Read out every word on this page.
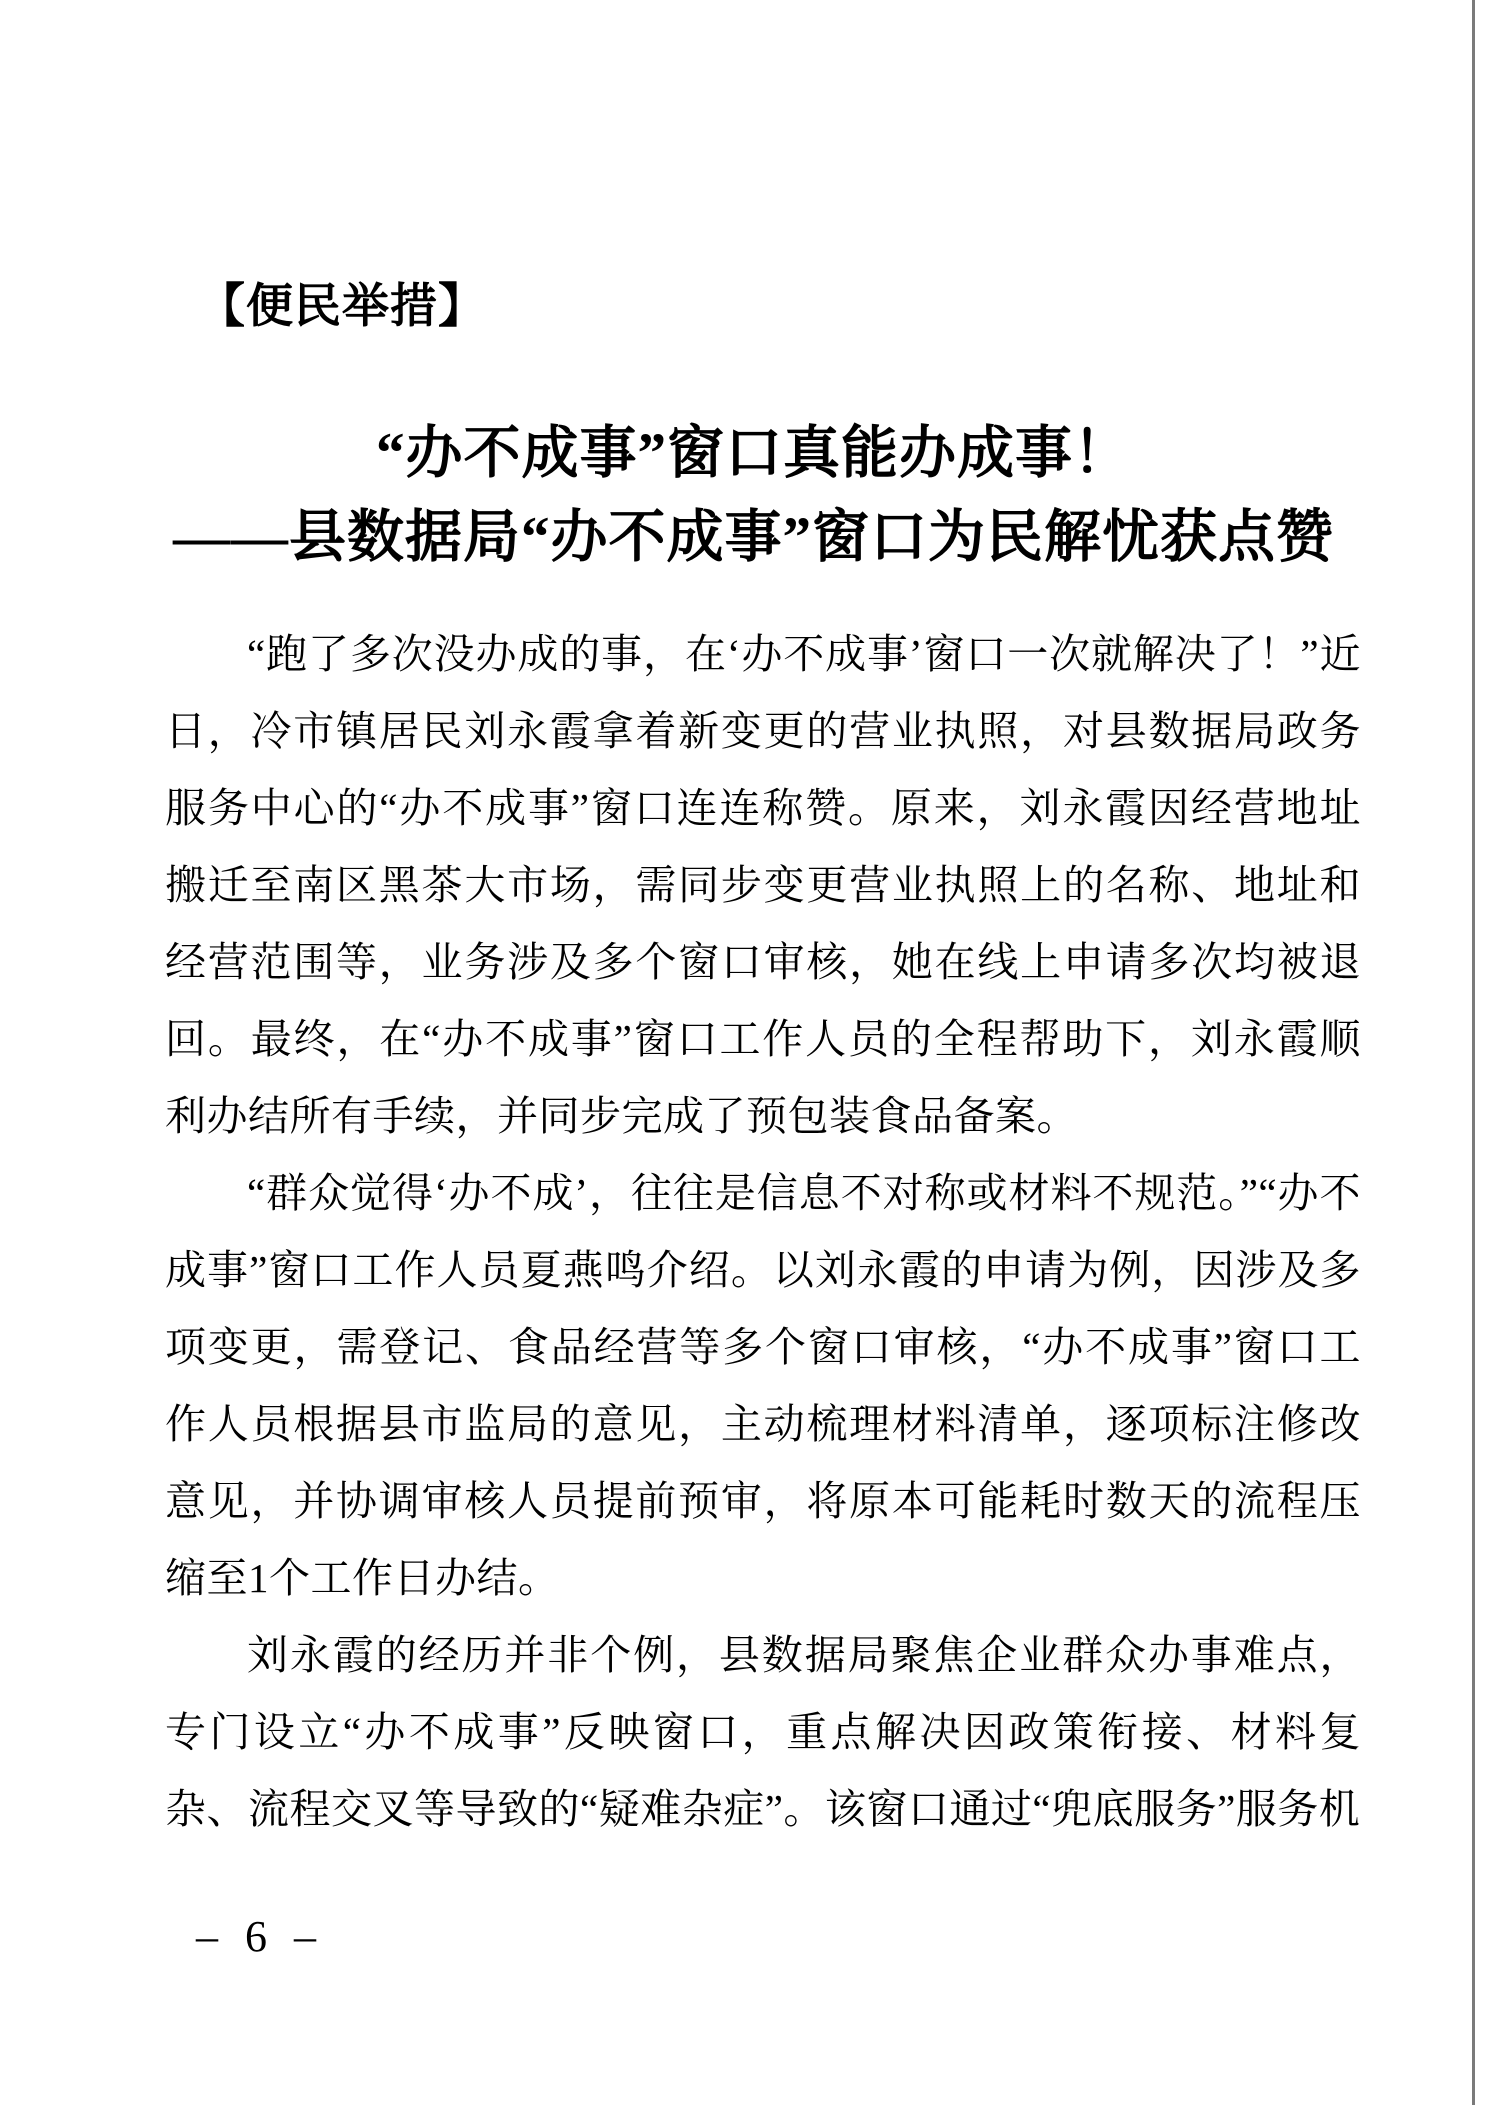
【便民举措】
“办不成事”窗口真能办成事！
——县数据局“办不成事”窗口为民解忧获点赞

“跑了多次没办成的事，在‘办不成事’窗口一次就解决了！”近日，冷市镇居民刘永霞拿着新变更的营业执照，对县数据局政务服务中心的“办不成事”窗口连连称赞。原来，刘永霞因经营地址搬迁至南区黑茶大市场，需同步变更营业执照上的名称、地址和经营范围等，业务涉及多个窗口审核，她在线上申请多次均被退回。最终，在“办不成事”窗口工作人员的全程帮助下，刘永霞顺利办结所有手续，并同步完成了预包装食品备案。

“群众觉得‘办不成’，往往是信息不对称或材料不规范。”“办不成事”窗口工作人员夏燕鸣介绍。以刘永霞的申请为例，因涉及多项变更，需登记、食品经营等多个窗口审核，“办不成事”窗口工作人员根据县市监局的意见，主动梳理材料清单，逐项标注修改意见，并协调审核人员提前预审，将原本可能耗时数天的流程压缩至1个工作日办结。

刘永霞的经历并非个例，县数据局聚焦企业群众办事难点，专门设立“办不成事”反映窗口，重点解决因政策衔接、材料复杂、流程交叉等导致的“疑难杂症”。该窗口通过“兜底服务”服务机

– 6 –
